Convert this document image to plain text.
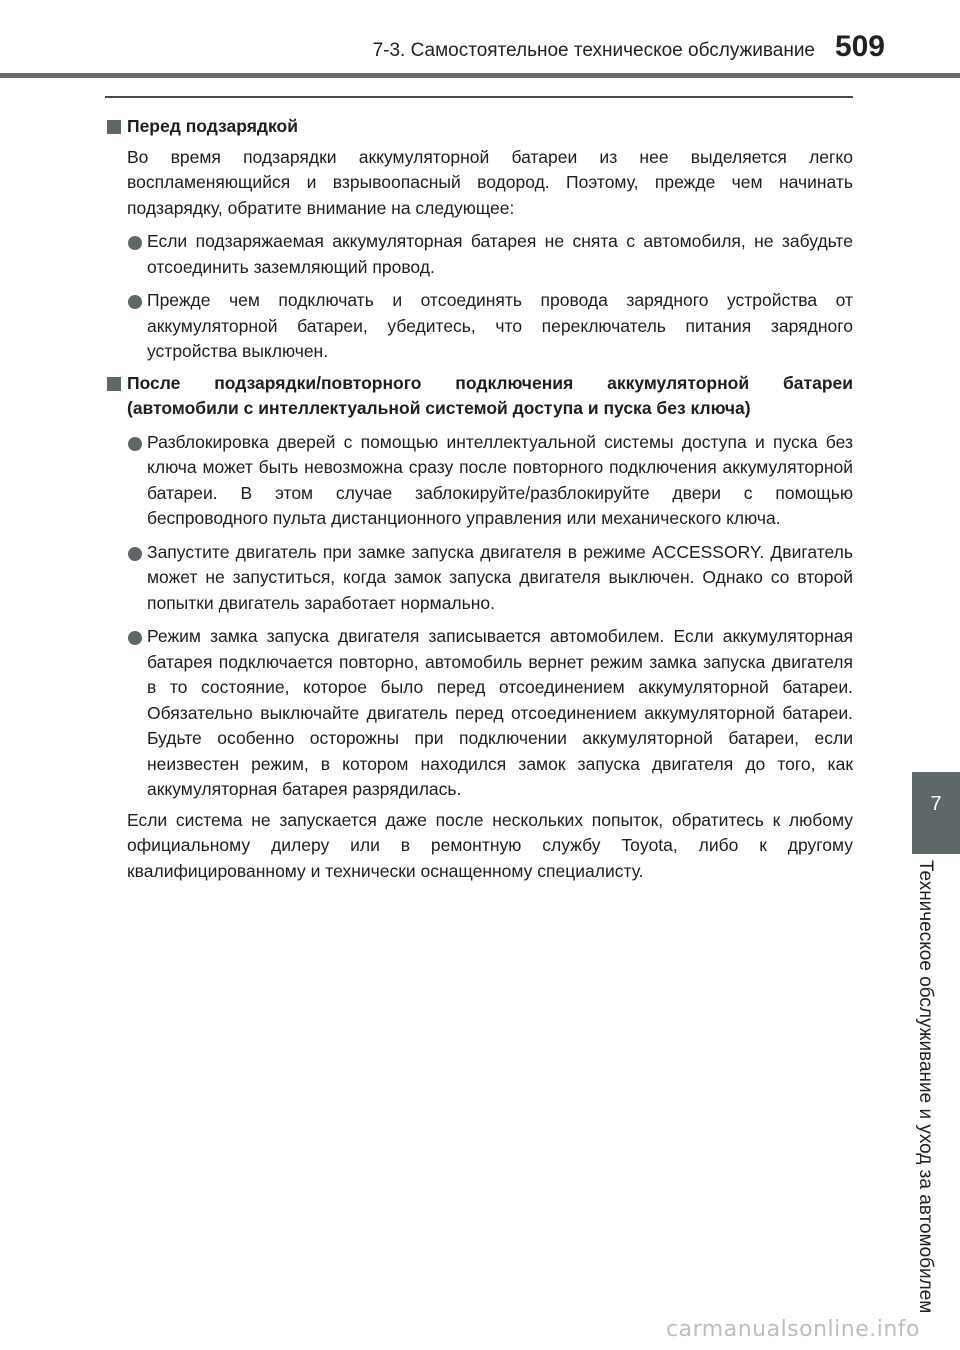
7-3. Самостоятельное техническое обслуживание 509
7
Техническое обслуживание и уход за автомобилем
Перед подзарядкой
Во время подзарядки аккумуляторной батареи из нее выделяется легко воспламеняющийся и взрывоопасный водород. Поэтому, прежде чем начинать подзарядку, обратите внимание на следующее:
Если подзаряжаемая аккумуляторная батарея не снята с автомобиля, не забудьте отсоединить заземляющий провод.
Прежде чем подключать и отсоединять провода зарядного устройства от аккумуляторной батареи, убедитесь, что переключатель питания зарядного устройства выключен.
После подзарядки/повторного подключения аккумуляторной батареи (автомобили с интеллектуальной системой доступа и пуска без ключа)
Разблокировка дверей с помощью интеллектуальной системы доступа и пуска без ключа может быть невозможна сразу после повторного подключения аккумуляторной батареи. В этом случае заблокируйте/разблокируйте двери с помощью беспроводного пульта дистанционного управления или механического ключа.
Запустите двигатель при замке запуска двигателя в режиме ACCESSORY. Двигатель может не запуститься, когда замок запуска двигателя выключен. Однако со второй попытки двигатель заработает нормально.
Режим замка запуска двигателя записывается автомобилем. Если аккумуляторная батарея подключается повторно, автомобиль вернет режим замка запуска двигателя в то состояние, которое было перед отсоединением аккумуляторной батареи. Обязательно выключайте двигатель перед отсоединением аккумуляторной батареи. Будьте особенно осторожны при подключении аккумуляторной батареи, если неизвестен режим, в котором находился замок запуска двигателя до того, как аккумуляторная батарея разрядилась.
Если система не запускается даже после нескольких попыток, обратитесь к любому официальному дилеру или в ремонтную службу Toyota, либо к другому квалифицированному и технически оснащенному специалисту.
carmanualsonline.info
